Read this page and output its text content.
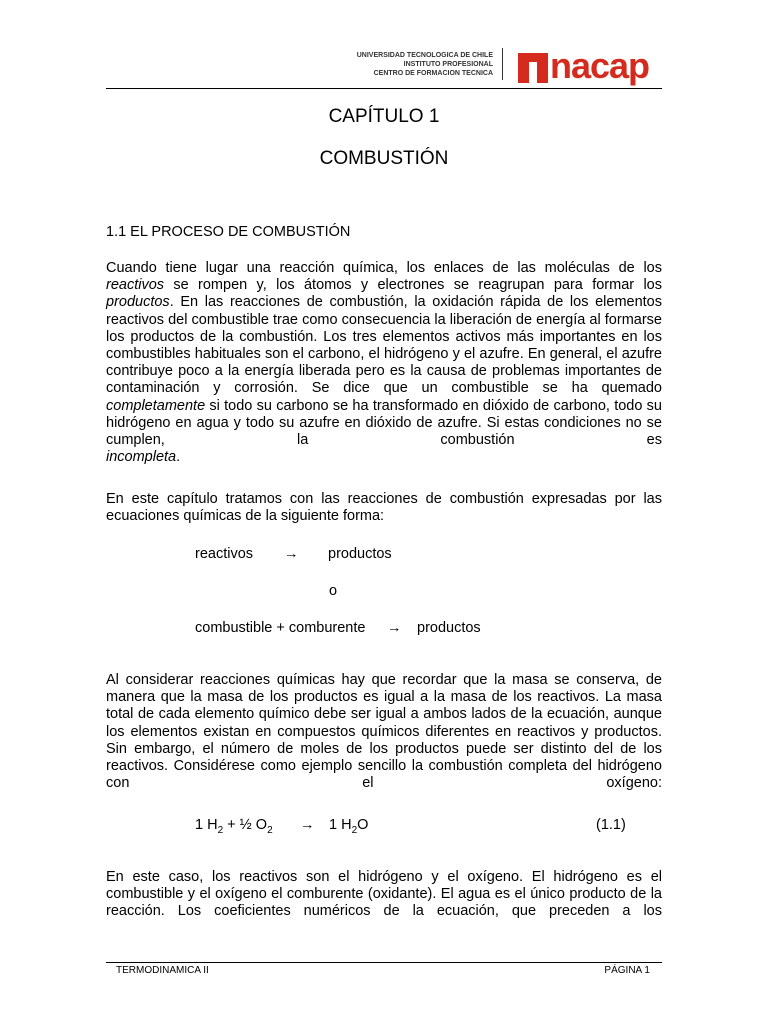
UNIVERSIDAD TECNOLOGICA DE CHILE
INSTITUTO PROFESIONAL
CENTRO DE FORMACION TECNICA nacap
CAPÍTULO 1
COMBUSTIÓN
1.1 EL PROCESO DE COMBUSTIÓN
Cuando tiene lugar una reacción química, los enlaces de las moléculas de los
reactivos se rompen y, los átomos y electrones se reagrupan para formar los
productos. En las reacciones de combustión, la oxidación rápida de los elementos reactivos del combustible trae como consecuencia la liberación de energía al formarse los productos de la combustión. Los tres elementos activos más importantes en los combustibles habituales son el carbono, el hidrógeno y el azufre. En general, el azufre contribuye poco a la energía liberada pero es la causa de problemas importantes de contaminación y corrosión. Se dice que un combustible se ha quemado completamente si todo su carbono se ha transformado en dióxido de carbono, todo su hidrógeno en agua y todo su azufre en dióxido de azufre. Si estas condiciones no se cumplen, la combustión es
incompleta.
En este capítulo tratamos con las reacciones de combustión expresadas por las ecuaciones químicas de la siguiente forma:
reactivos → productos
o
combustible + comburente → productos
Al considerar reacciones químicas hay que recordar que la masa se conserva, de manera que la masa de los productos es igual a la masa de los reactivos. La masa total de cada elemento químico debe ser igual a ambos lados de la ecuación, aunque los elementos existan en compuestos químicos diferentes en reactivos y productos. Sin embargo, el número de moles de los productos puede ser distinto del de los reactivos. Considérese como ejemplo sencillo la combustión completa del hidrógeno con el oxígeno:
1 $H_2$ + ½ $O_2 \to 1$ $H_2O$	(1.1)
En este caso, los reactivos son el hidrógeno y el oxígeno. El hidrógeno es el combustible y el oxígeno el comburente (oxidante). El agua es el único producto de la reacción. Los coeficientes numéricos de la ecuación, que preceden a los
TERMODINAMICA II	PÁGINA 1
